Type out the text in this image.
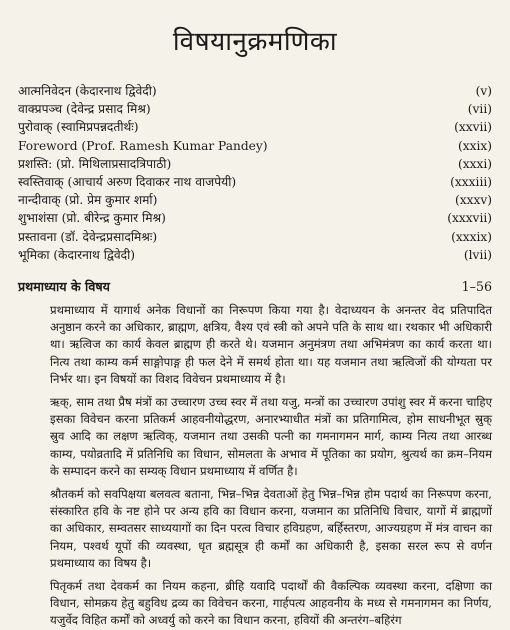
विषयानुक्रमणिका
आत्मनिवेदन (केदारनाथ द्विवेदी)	(v)
वाक्प्रपञ्च (देवेन्द्र प्रसाद मिश्र)	(vii)
पुरोवाक् (स्वामिप्रपन्नदतीर्थः)	(xxvii)
Foreword (Prof. Ramesh Kumar Pandey)	(xxix)
प्रशस्ति: (प्रो. मिथिलाप्रसादत्रिपाठी)	(xxxi)
स्वस्तिवाक् (आचार्य अरुण दिवाकर नाथ वाजपेयी)	(xxxiii)
नान्दीवाक् (प्रो. प्रेम कुमार शर्मा)	(xxxv)
शुभाशंसा (प्रो. बीरेन्द्र कुमार मिश्र)	(xxxvii)
प्रस्तावना (डॉ. देवेन्द्रप्रसादमिश्रः)	(xxxix)
भूमिका (केदारनाथ द्विवेदी)	(lvii)
प्रथमाध्याय के विषय	1–56

प्रथमाध्याय में यागार्थ अनेक विधानों का निरूपण किया गया है। वेदाध्ययन के अनन्तर वेद प्रतिपादित अनुष्ठान करने का अधिकार, ब्राह्मण, क्षत्रिय, वैश्य एवं स्त्री को अपने पति के साथ था। रथकार भी अधिकारी था। ऋत्विज का कार्य केवल ब्राह्मण ही करते थे। यजमान अनुमंत्रण तथा अभिमंत्रण का कार्य करता था। नित्य तथा काम्य कर्म साङ्गोपाङ्ग ही फल देने में समर्थ होता था। यह यजमान तथा ऋत्विजों की योग्यता पर निर्भर था। इन विषयों का विशद विवेचन प्रथमाध्याय में है।

ऋक्, साम तथा प्रैष मंत्रों का उच्चारण उच्च स्वर में तथा यजु, मन्त्रों का उच्चारण उपांशु स्वर में करना चाहिए इसका विवेचन करना प्रतिकर्म आहवनीयोद्धरण, अनारभ्याधीत मंत्रों का प्रतिगामित्व, होम साधनीभूत स्रुक् स्रुव आदि का लक्षण ऋत्विक्, यजमान तथा उसकी पत्नी का गमनागमन मार्ग, काम्य नित्य तथा आरब्ध काम्य, पयोव्रतादि में प्रतिनिधि का विधान, सोमलता के अभाव में पूतिका का प्रयोग, श्रुत्यर्थ का क्रम–नियम के सम्पादन करने का सम्यक् विधान प्रथमाध्याय में वर्णित है।

श्रौतकर्म को सवपिक्षया बलवत्व बताना, भिन्न–भिन्न देवताओं हेतु भिन्न–भिन्न होम पदार्थ का निरूपण करना, संस्कारित हवि के नष्ट होने पर अन्य हवि का विधान करना, यजमान का प्रतिनिधि विचार, यागों में ब्राह्मणों का अधिकार, सम्वतसर साध्ययागों का दिन परत्व विचार हविग्रहण, बर्हिस्तरण, आज्यग्रहण में मंत्र वाचन का नियम, पश्वर्थ यूपों की व्यवस्था, धृत ब्रह्मसूत्र ही कर्मों का अधिकारी है, इसका सरल रूप से वर्णन प्रथमाध्याय का विषय है।

पितृकर्म तथा देवकर्म का नियम कहना, ब्रीहि यवादि पदार्थों की वैकल्पिक व्यवस्था करना, दक्षिणा का विधान, सोमक्रय हेतु बहुविध द्रव्य का विवेचन करना, गार्हपत्य आहवनीय के मध्य से गमनागमन का निर्णय, यजुर्वेद विहित कर्मों को अध्वर्यु को करने का विधान करना, हवियों की अन्तरंग–बहिरंग
